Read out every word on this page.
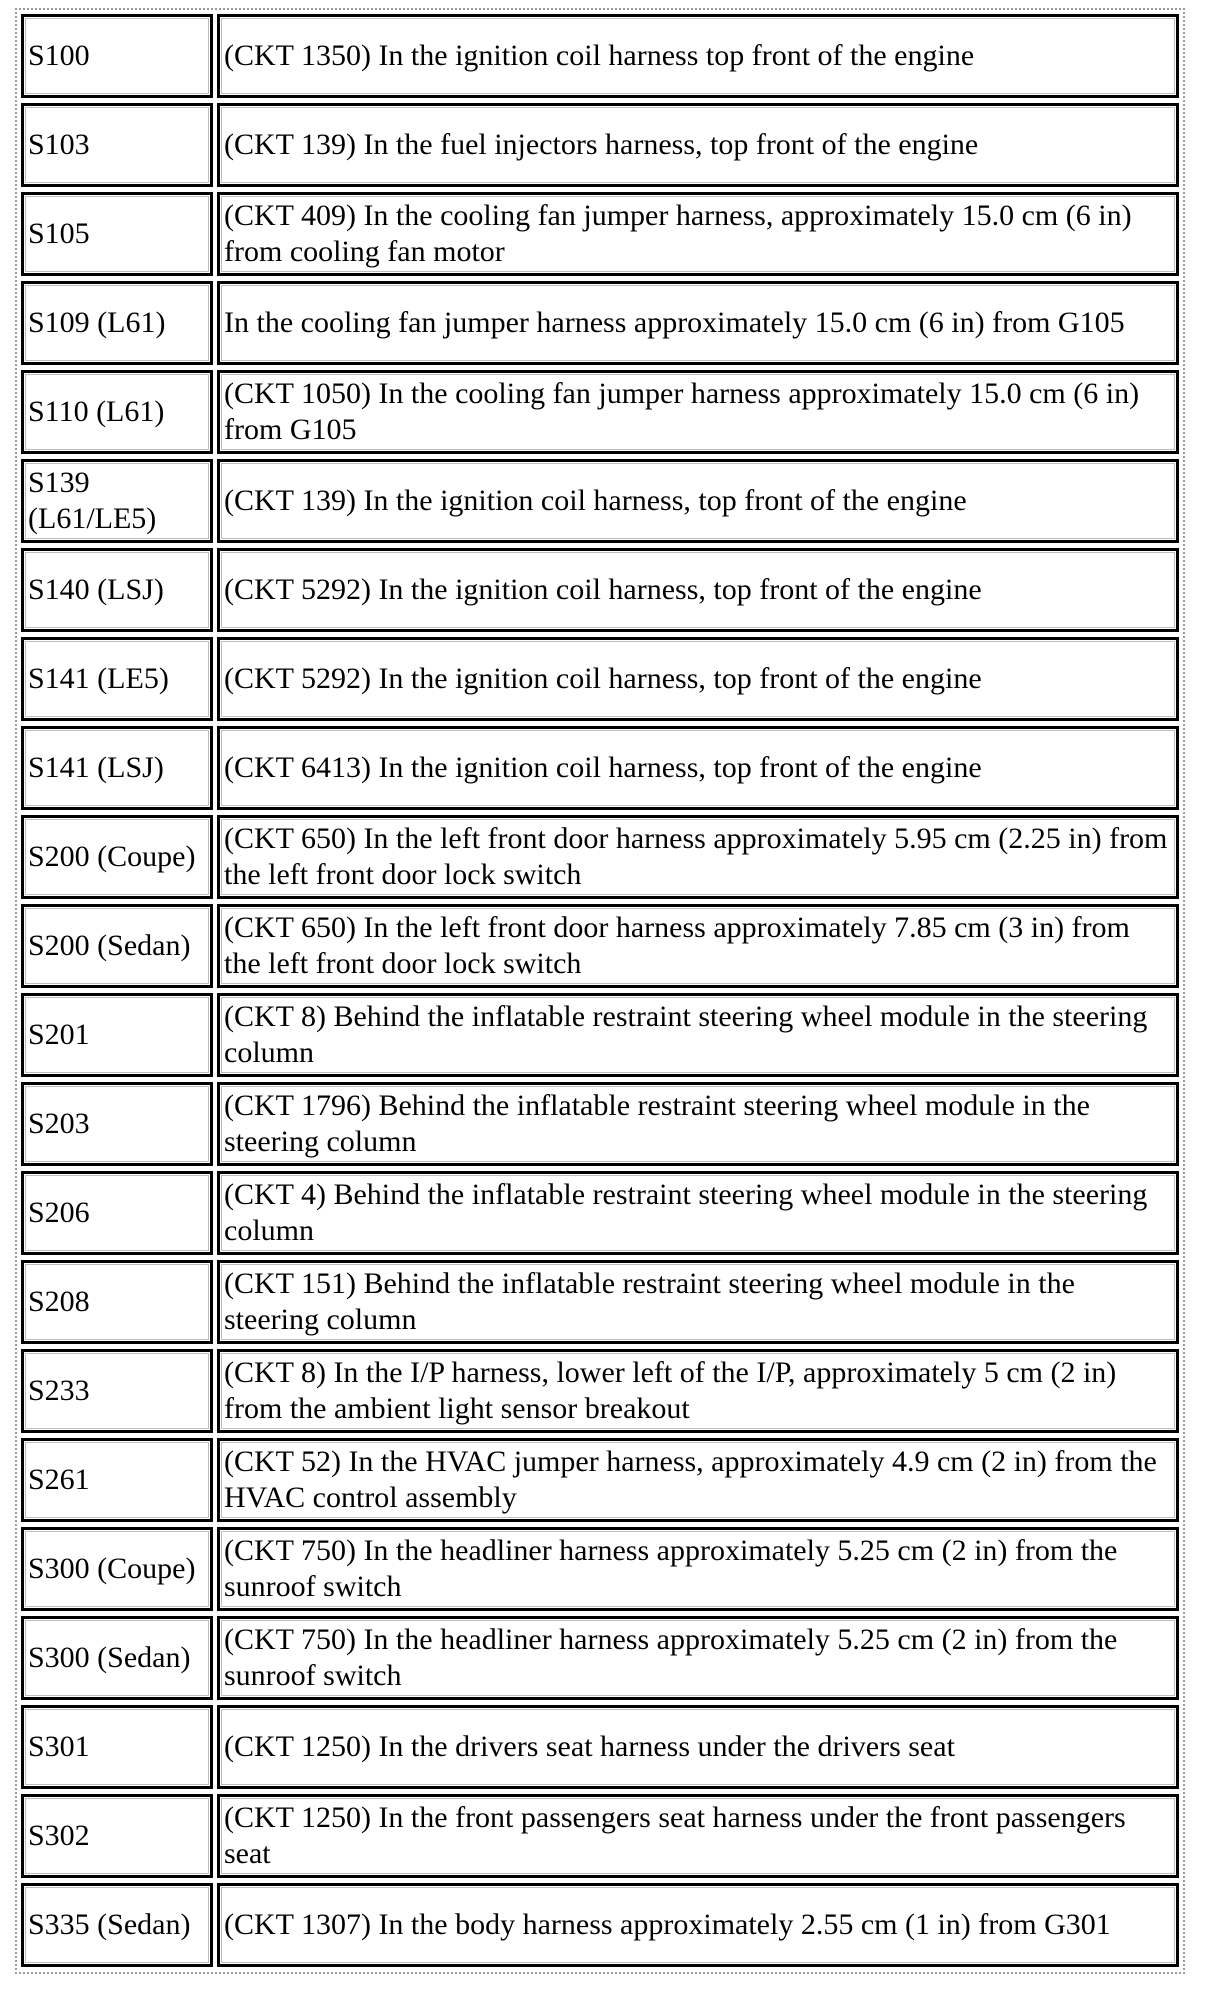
S100	(CKT 1350) In the ignition coil harness top front of the engine
S103	(CKT 139) In the fuel injectors harness, top front of the engine
S105	(CKT 409) In the cooling fan jumper harness, approximately 15.0 cm (6 in) from cooling fan motor
S109 (L61)	In the cooling fan jumper harness approximately 15.0 cm (6 in) from G105
S110 (L61)	(CKT 1050) In the cooling fan jumper harness approximately 15.0 cm (6 in) from G105
S139 (L61/LE5)	(CKT 139) In the ignition coil harness, top front of the engine
S140 (LSJ)	(CKT 5292) In the ignition coil harness, top front of the engine
S141 (LE5)	(CKT 5292) In the ignition coil harness, top front of the engine
S141 (LSJ)	(CKT 6413) In the ignition coil harness, top front of the engine
S200 (Coupe)	(CKT 650) In the left front door harness approximately 5.95 cm (2.25 in) from the left front door lock switch
S200 (Sedan)	(CKT 650) In the left front door harness approximately 7.85 cm (3 in) from the left front door lock switch
S201	(CKT 8) Behind the inflatable restraint steering wheel module in the steering column
S203	(CKT 1796) Behind the inflatable restraint steering wheel module in the steering column
S206	(CKT 4) Behind the inflatable restraint steering wheel module in the steering column
S208	(CKT 151) Behind the inflatable restraint steering wheel module in the steering column
S233	(CKT 8) In the I/P harness, lower left of the I/P, approximately 5 cm (2 in) from the ambient light sensor breakout
S261	(CKT 52) In the HVAC jumper harness, approximately 4.9 cm (2 in) from the HVAC control assembly
S300 (Coupe)	(CKT 750) In the headliner harness approximately 5.25 cm (2 in) from the sunroof switch
S300 (Sedan)	(CKT 750) In the headliner harness approximately 5.25 cm (2 in) from the sunroof switch
S301	(CKT 1250) In the drivers seat harness under the drivers seat
S302	(CKT 1250) In the front passengers seat harness under the front passengers seat
S335 (Sedan)	(CKT 1307) In the body harness approximately 2.55 cm (1 in) from G301
